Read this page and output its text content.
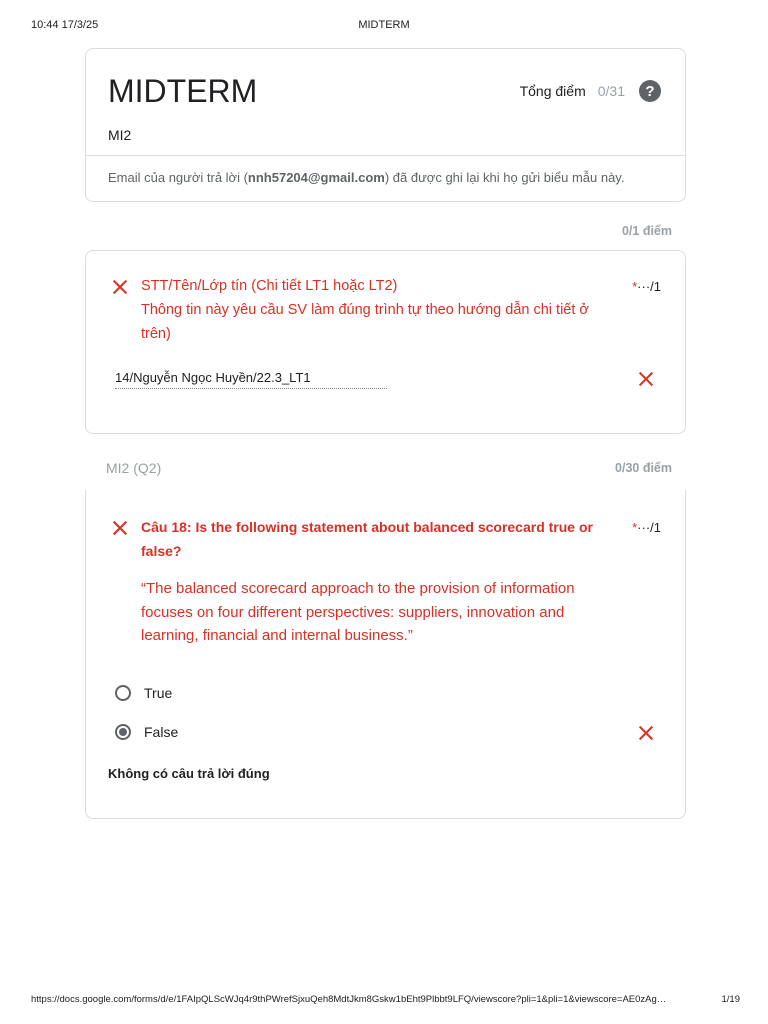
10:44 17/3/25	MIDTERM
MIDTERM	Tổng điểm 0/31	?
MI2
Email của người trả lời (nnh57204@gmail.com) đã được ghi lại khi họ gửi biểu mẫu này.
0/1 điểm
STT/Tên/Lớp tín (Chi tiết LT1 hoặc LT2)
Thông tin này yêu cầu SV làm đúng trình tự theo hướng dẫn chi tiết ở trên)
*···/1
14/Nguyễn Ngọc Huyền/22.3_LT1
MI2 (Q2)	0/30 điểm
Câu 18: Is the following statement about balanced scorecard true or false?
*···/1
“The balanced scorecard approach to the provision of information focuses on four different perspectives: suppliers, innovation and learning, financial and internal business.”
True
False
Không có câu trả lời đúng
https://docs.google.com/forms/d/e/1FAIpQLScWJq4r9thPWrefSjxuQeh8MdtJkm8Gskw1bEht9Plbbt9LFQ/viewscore?pli=1&pli=1&viewscore=AE0zAg…	1/19
